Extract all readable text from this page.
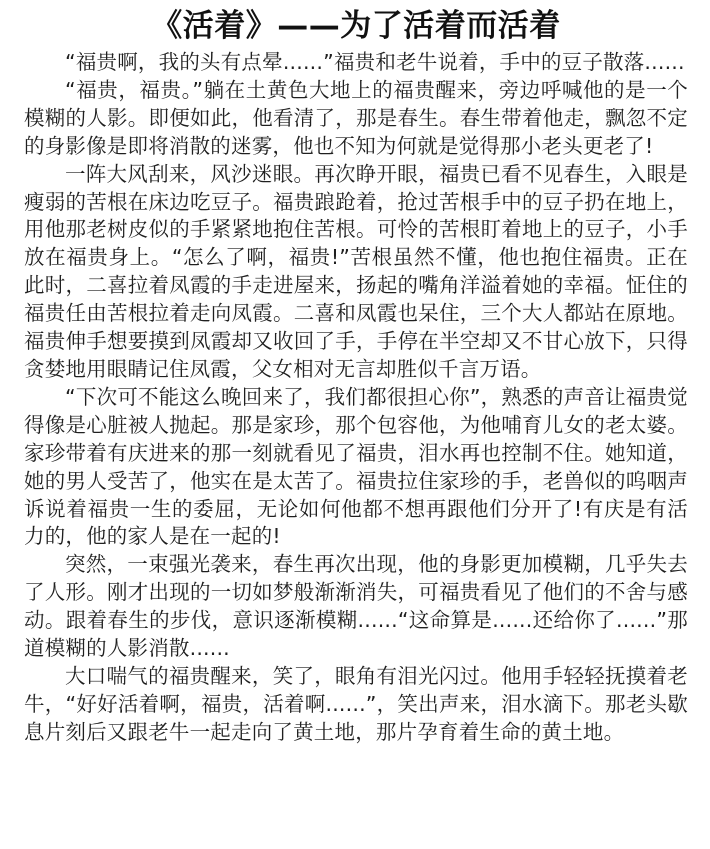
《活着》——为了活着而活着

“福贵啊，我的头有点晕......”福贵和老牛说着，手中的豆子散落......

“福贵，福贵。”躺在土黄色大地上的福贵醒来，旁边呼喊他的是一个模糊的人影。即便如此，他看清了，那是春生。春生带着他走，飘忽不定的身影像是即将消散的迷雾，他也不知为何就是觉得那小老头更老了!

一阵大风刮来，风沙迷眼。再次睁开眼，福贵已看不见春生，入眼是瘦弱的苦根在床边吃豆子。福贵踉跄着，抢过苦根手中的豆子扔在地上，用他那老树皮似的手紧紧地抱住苦根。可怜的苦根盯着地上的豆子，小手放在福贵身上。“怎么了啊，福贵!”苦根虽然不懂，他也抱住福贵。正在此时，二喜拉着凤霞的手走进屋来，扬起的嘴角洋溢着她的幸福。怔住的福贵任由苦根拉着走向凤霞。二喜和凤霞也呆住，三个大人都站在原地。福贵伸手想要摸到凤霞却又收回了手，手停在半空却又不甘心放下，只得贪婪地用眼睛记住凤霞，父女相对无言却胜似千言万语。

“下次可不能这么晚回来了，我们都很担心你”，熟悉的声音让福贵觉得像是心脏被人抛起。那是家珍，那个包容他，为他哺育儿女的老太婆。家珍带着有庆进来的那一刻就看见了福贵，泪水再也控制不住。她知道，她的男人受苦了，他实在是太苦了。福贵拉住家珍的手，老兽似的呜咽声诉说着福贵一生的委屈，无论如何他都不想再跟他们分开了!有庆是有活力的，他的家人是在一起的!

突然，一束强光袭来，春生再次出现，他的身影更加模糊，几乎失去了人形。刚才出现的一切如梦般渐渐消失，可福贵看见了他们的不舍与感动。跟着春生的步伐，意识逐渐模糊......“这命算是......还给你了......”那道模糊的人影消散......

大口喘气的福贵醒来，笑了，眼角有泪光闪过。他用手轻轻抚摸着老牛，“好好活着啊，福贵，活着啊......”，笑出声来，泪水滴下。那老头歇息片刻后又跟老牛一起走向了黄土地，那片孕育着生命的黄土地。
